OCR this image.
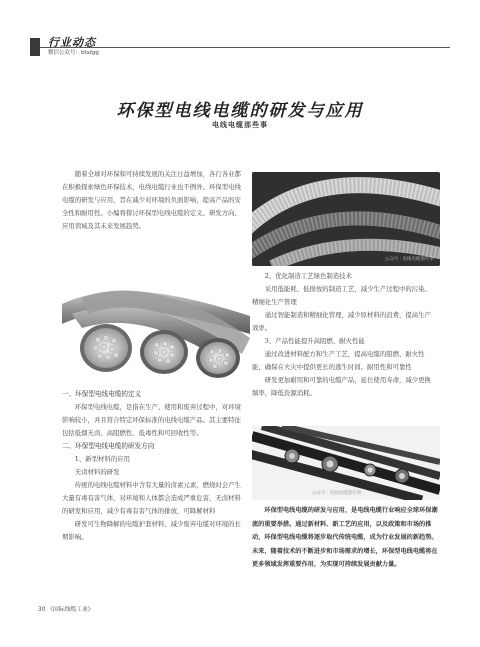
行业动态
微信公众号：btxfgg
环保型电线电缆的研发与应用
电线电缆那些事

随着全球对环保和可持续发展的关注日益增加，各行各业都在积极探索绿色环保技术，电线电缆行业也不例外。环保型电线电缆的研发与应用，旨在减少对环境的负面影响，提高产品的安全性和耐用性。小编将探讨环保型电线电缆的定义、研发方向、应用领域及其未来发展趋势。

一、环保型电线电缆的定义

环保型电线电缆，是指在生产、使用和废弃过程中，对环境影响较小，并且符合特定环保标准的电线电缆产品。其主要特征包括低烟无卤、高阻燃性、低毒性和可回收性等。

二、环保型电线电缆的研发方向

1、新型材料的应用

无卤材料的研发

传统的电线电缆材料中含有大量的卤素元素，燃烧时会产生大量有毒有害气体，对环境和人体都会造成严重危害，无卤材料的研发和应用，减少有毒有害气体的排放，可降解材料

研发可生物降解的电缆护套材料，减少废弃电缆对环境的长期影响。

公众号 · 电线电缆那些事

2、优化制造工艺绿色制造技术

采用低能耗、低排放的制造工艺，减少生产过程中的污染。精细化生产管理

通过智能制造和精细化管理，减少原材料的浪费，提高生产效率。

3、产品性能提升高阻燃、耐火性能

通过改进材料配方和生产工艺，提高电缆的阻燃、耐火性能，确保在火灾中提供更长的逃生时间。耐用性和可靠性

研发更加耐用和可靠的电缆产品，延长使用寿命，减少更换频率，降低资源消耗。

公众号 · 电线电缆那些事

环保型电线电缆的研发与应用，是电线电缆行业响应全球环保潮流的重要举措。通过新材料、新工艺的应用，以及政策和市场的推动，环保型电线电缆将逐步取代传统电缆，成为行业发展的新趋势。未来，随着技术的不断进步和市场需求的增长，环保型电线电缆将在更多领域发挥重要作用，为实现可持续发展贡献力量。

30 《国际线缆工业》
